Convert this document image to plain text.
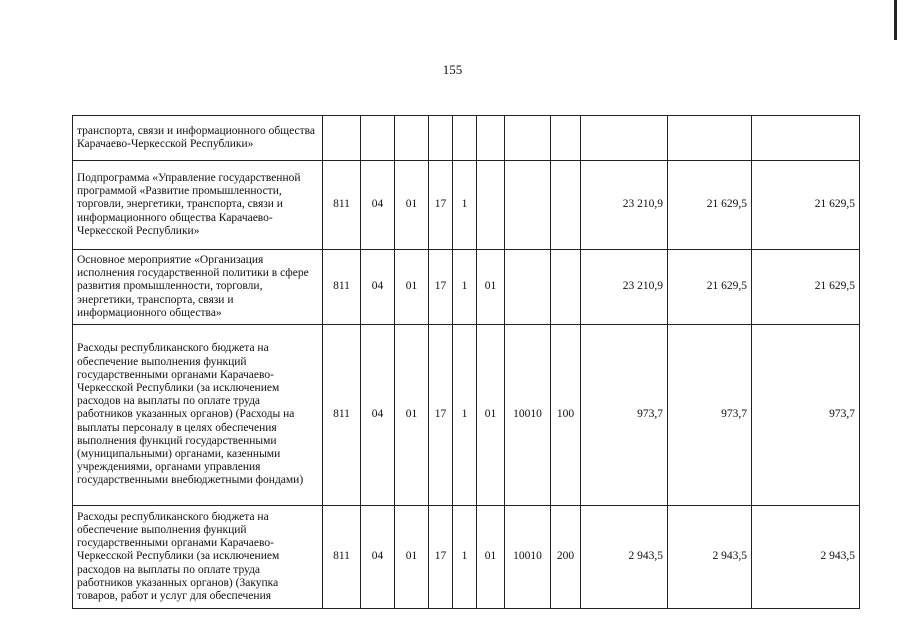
155
транспорта, связи и информационного общества Карачаево-Черкесской Республики»											
Подпрограмма «Управление государственной программой «Развитие промышленности, торговли, энергетики, транспорта, связи и информационного общества Карачаево-Черкесской Республики»	811	04	01	17	1				23 210,9	21 629,5	21 629,5
Основное мероприятие «Организация исполнения государственной политики в сфере развития промышленности, торговли, энергетики, транспорта, связи и информационного общества»	811	04	01	17	1	01			23 210,9	21 629,5	21 629,5
Расходы республиканского бюджета на обеспечение выполнения функций государственными органами Карачаево-Черкесской Республики (за исключением расходов на выплаты по оплате труда работников указанных органов) (Расходы на выплаты персоналу в целях обеспечения выполнения функций государственными (муниципальными) органами, казенными учреждениями, органами управления государственными внебюджетными фондами)	811	04	01	17	1	01	10010	100	973,7	973,7	973,7
Расходы республиканского бюджета на обеспечение выполнения функций государственными органами Карачаево-Черкесской Республики (за исключением расходов на выплаты по оплате труда работников указанных органов) (Закупка товаров, работ и услуг для обеспечения	811	04	01	17	1	01	10010	200	2 943,5	2 943,5	2 943,5
